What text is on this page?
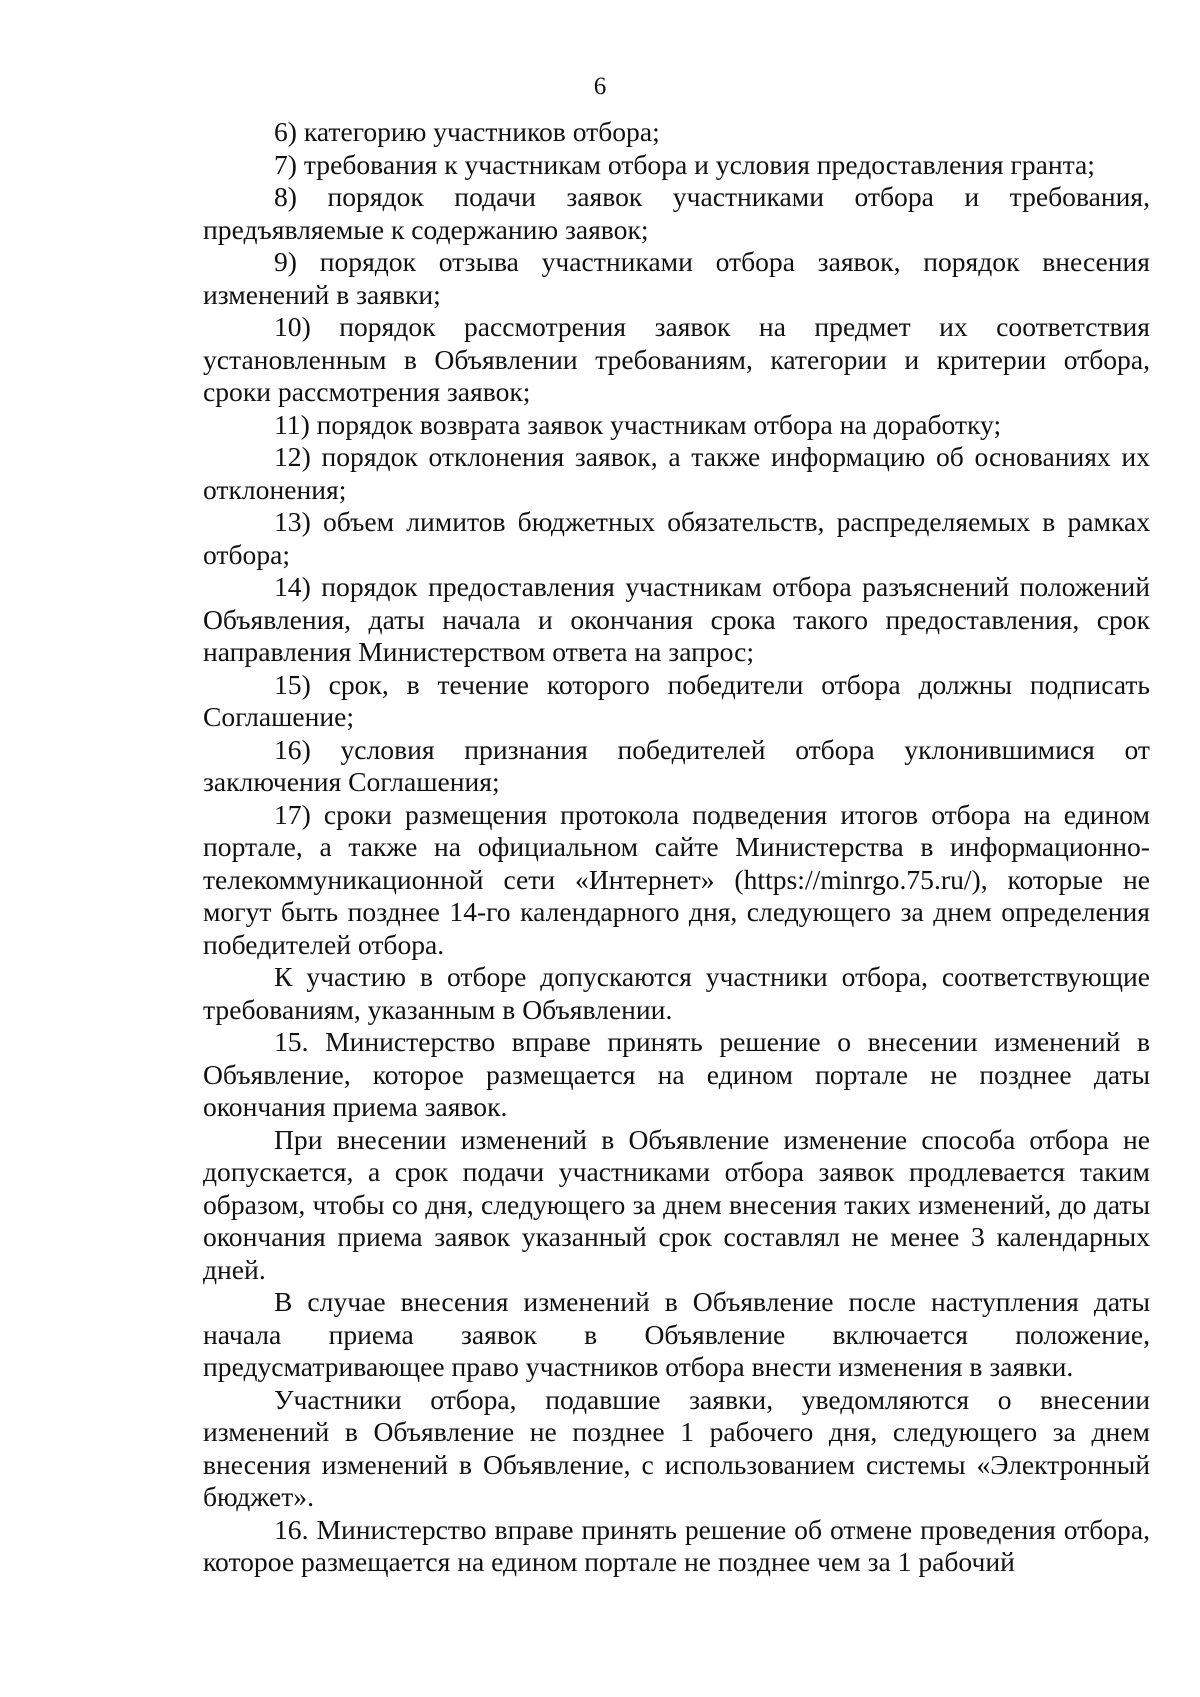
6

6) категорию участников отбора;

7) требования к участникам отбора и условия предоставления гранта;

8) порядок подачи заявок участниками отбора и требования, предъявляемые к содержанию заявок;

9) порядок отзыва участниками отбора заявок, порядок внесения изменений в заявки;

10) порядок рассмотрения заявок на предмет их соответствия установленным в Объявлении требованиям, категории и критерии отбора, сроки рассмотрения заявок;

11) порядок возврата заявок участникам отбора на доработку;

12) порядок отклонения заявок, а также информацию об основаниях их отклонения;

13) объем лимитов бюджетных обязательств, распределяемых в рамках отбора;

14) порядок предоставления участникам отбора разъяснений положений Объявления, даты начала и окончания срока такого предоставления, срок направления Министерством ответа на запрос;

15) срок, в течение которого победители отбора должны подписать Соглашение;

16) условия признания победителей отбора уклонившимися от заключения Соглашения;

17) сроки размещения протокола подведения итогов отбора на едином портале, а также на официальном сайте Министерства в информационно-телекоммуникационной сети «Интернет» (https://minrgo.75.ru/), которые не могут быть позднее 14-го календарного дня, следующего за днем определения победителей отбора.

К участию в отборе допускаются участники отбора, соответствующие требованиям, указанным в Объявлении.

15. Министерство вправе принять решение о внесении изменений в Объявление, которое размещается на едином портале не позднее даты окончания приема заявок.

При внесении изменений в Объявление изменение способа отбора не допускается, а срок подачи участниками отбора заявок продлевается таким образом, чтобы со дня, следующего за днем внесения таких изменений, до даты окончания приема заявок указанный срок составлял не менее 3 календарных дней.

В случае внесения изменений в Объявление после наступления даты начала приема заявок в Объявление включается положение, предусматривающее право участников отбора внести изменения в заявки.

Участники отбора, подавшие заявки, уведомляются о внесении изменений в Объявление не позднее 1 рабочего дня, следующего за днем внесения изменений в Объявление, с использованием системы «Электронный бюджет».

16. Министерство вправе принять решение об отмене проведения отбора, которое размещается на едином портале не позднее чем за 1 рабочий
